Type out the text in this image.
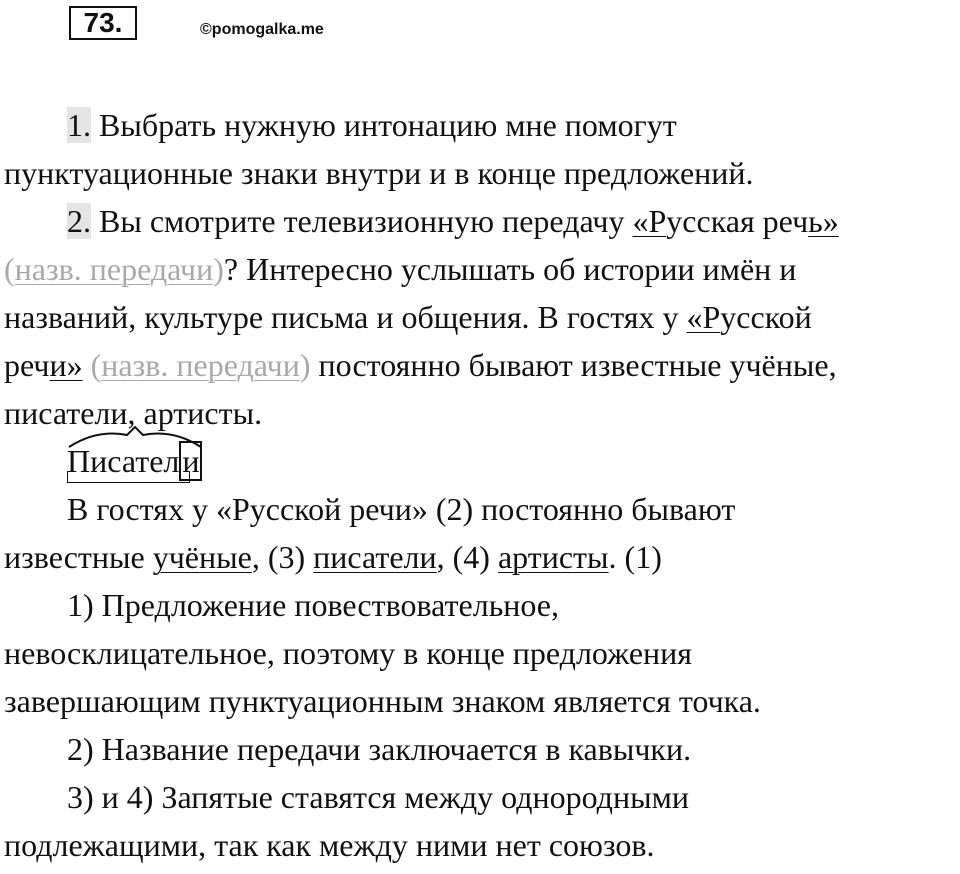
73.	©pomogalka.me
1. Выбрать нужную интонацию мне помогут
пунктуационные знаки внутри и в конце предложений.
2. Вы смотрите телевизионную передачу «Русская речь»
(назв. передачи)? Интересно услышать об истории имён и
названий, культуре письма и общения. В гостях у «Русской
речи» (назв. передачи) постоянно бывают известные учёные,
писатели, артисты.
Писатели
В гостях у «Русской речи» (2) постоянно бывают
известные учёные, (3) писатели, (4) артисты. (1)
1) Предложение повествовательное,
невосклицательное, поэтому в конце предложения
завершающим пунктуационным знаком является точка.
2) Название передачи заключается в кавычки.
3) и 4) Запятые ставятся между однородными
подлежащими, так как между ними нет союзов.
